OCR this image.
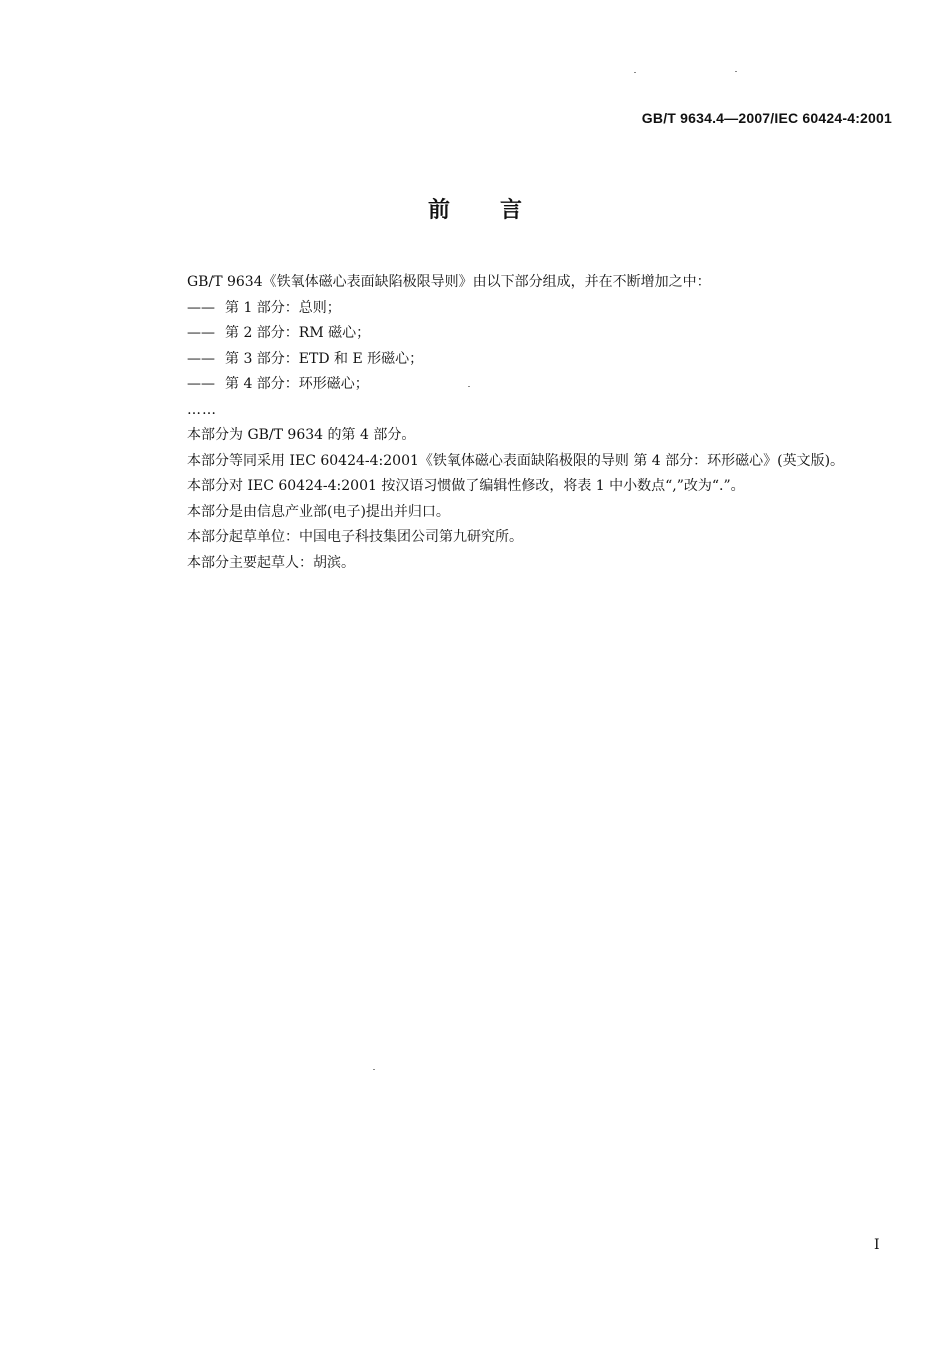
GB/T 9634.4—2007/IEC 60424-4:2001
前言

GB/T 9634《铁氧体磁心表面缺陷极限导则》由以下部分组成，并在不断增加之中：

—— 第 1 部分：总则；

—— 第 2 部分：RM 磁心；

—— 第 3 部分：ETD 和 E 形磁心；

—— 第 4 部分：环形磁心；

……

本部分为 GB/T 9634 的第 4 部分。

本部分等同采用 IEC 60424-4:2001《铁氧体磁心表面缺陷极限的导则 第 4 部分：环形磁心》(英文版)。

本部分对 IEC 60424-4:2001 按汉语习惯做了编辑性修改，将表 1 中小数点“,”改为“.”。

本部分是由信息产业部(电子)提出并归口。

本部分起草单位：中国电子科技集团公司第九研究所。

本部分主要起草人：胡滨。

I
